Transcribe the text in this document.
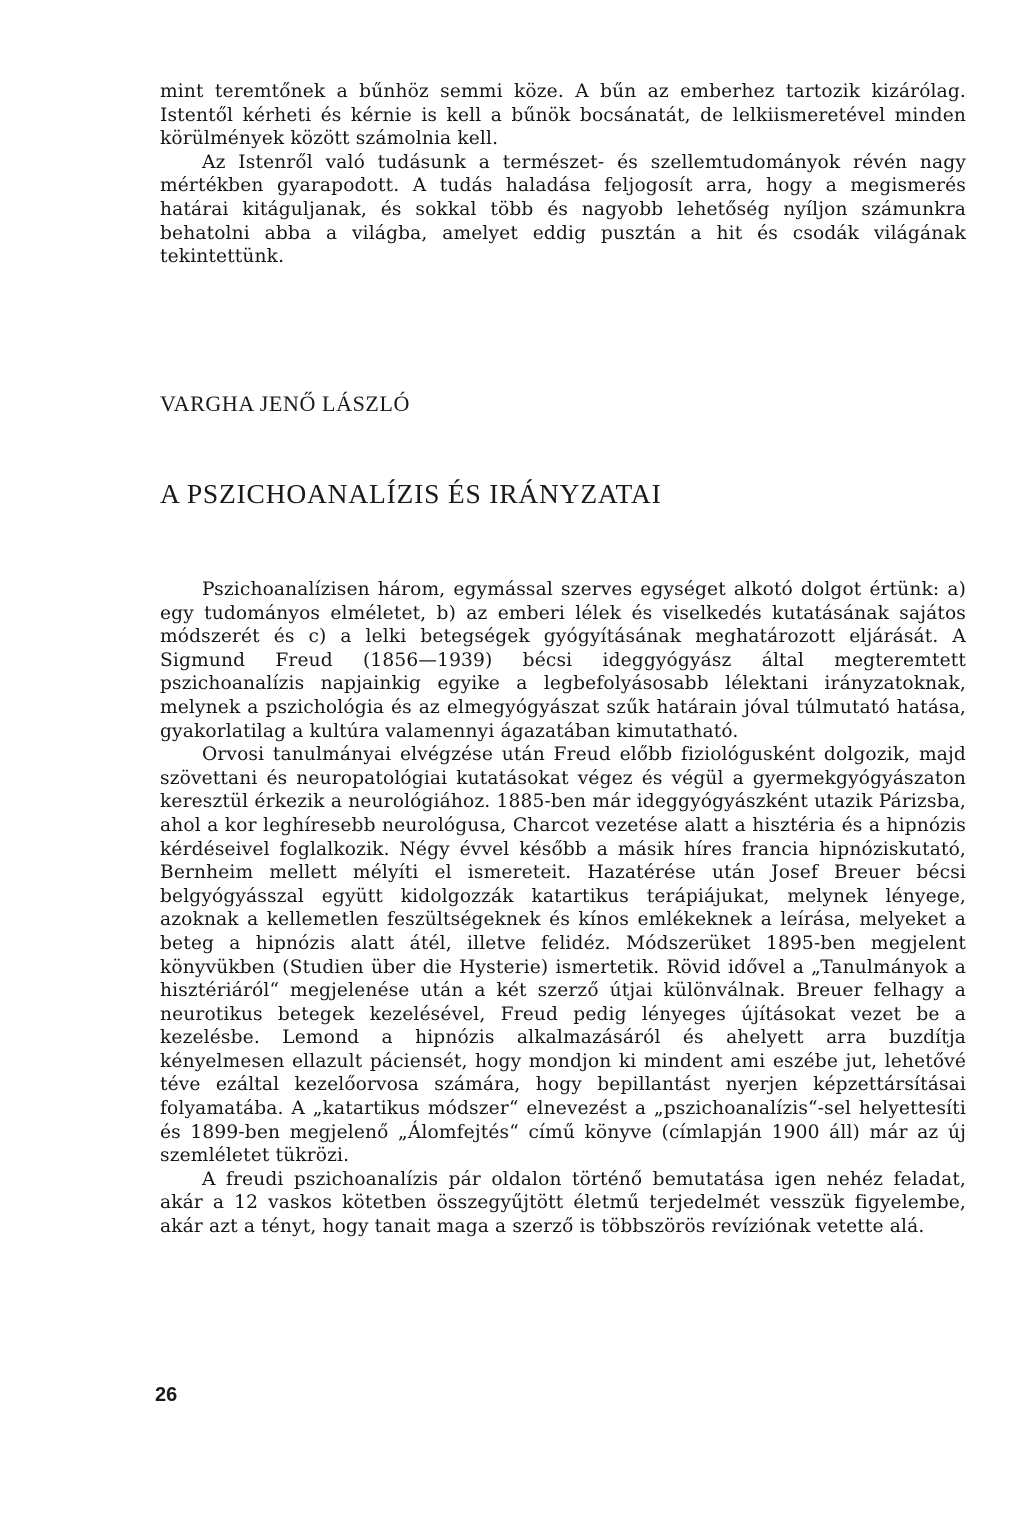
mint teremtőnek a bűnhöz semmi köze. A bűn az emberhez tartozik kizárólag. Istentől kérheti és kérnie is kell a bűnök bocsánatát, de lelkiismeretével minden körülmények között számolnia kell.

Az Istenről való tudásunk a természet- és szellemtudományok révén nagy mértékben gyarapodott. A tudás haladása feljogosít arra, hogy a megismerés határai kitáguljanak, és sokkal több és nagyobb lehetőség nyíljon számunkra behatolni abba a világba, amelyet eddig pusztán a hit és csodák világának tekintettünk.

VARGHA JENŐ LÁSZLÓ
A PSZICHOANALÍZIS ÉS IRÁNYZATAI

Pszichoanalízisen három, egymással szerves egységet alkotó dolgot értünk: a) egy tudományos elméletet, b) az emberi lélek és viselkedés kutatásának sajátos módszerét és c) a lelki betegségek gyógyításának meghatározott eljárását. A Sigmund Freud (1856—1939) bécsi ideggyógyász által megteremtett pszichoanalízis napjainkig egyike a legbefolyásosabb lélektani irányzatoknak, melynek a pszichológia és az elmegyógyászat szűk határain jóval túlmutató hatása, gyakorlatilag a kultúra valamennyi ágazatában kimutatható.

Orvosi tanulmányai elvégzése után Freud előbb fiziológusként dolgozik, majd szövettani és neuropatológiai kutatásokat végez és végül a gyermekgyógyászaton keresztül érkezik a neurológiához. 1885-ben már ideggyógyászként utazik Párizsba, ahol a kor leghíresebb neurológusa, Charcot vezetése alatt a hisztéria és a hipnózis kérdéseivel foglalkozik. Négy évvel később a másik híres francia hipnóziskutató, Bernheim mellett mélyíti el ismereteit. Hazatérése után Josef Breuer bécsi belgyógyásszal együtt kidolgozzák katartikus terápiájukat, melynek lényege, azoknak a kellemetlen feszültségeknek és kínos emlékeknek a leírása, melyeket a beteg a hipnózis alatt átél, illetve felidéz. Módszerüket 1895-ben megjelent könyvükben (Studien über die Hysterie) ismertetik. Rövid idővel a „Tanulmányok a hisztériáról“ megjelenése után a két szerző útjai különválnak. Breuer felhagy a neurotikus betegek kezelésével, Freud pedig lényeges újításokat vezet be a kezelésbe. Lemond a hipnózis alkalmazásáról és ahelyett arra buzdítja kényelmesen ellazult páciensét, hogy mondjon ki mindent ami eszébe jut, lehetővé téve ezáltal kezelőorvosa számára, hogy bepillantást nyerjen képzettársításai folyamatába. A „katartikus módszer“ elnevezést a „pszichoanalízis“-sel helyettesíti és 1899-ben megjelenő „Álomfejtés“ című könyve (címlapján 1900 áll) már az új szemléletet tükrözi.

A freudi pszichoanalízis pár oldalon történő bemutatása igen nehéz feladat, akár a 12 vaskos kötetben összegyűjtött életmű terjedelmét vesszük figyelembe, akár azt a tényt, hogy tanait maga a szerző is többszörös revíziónak vetette alá.

26
